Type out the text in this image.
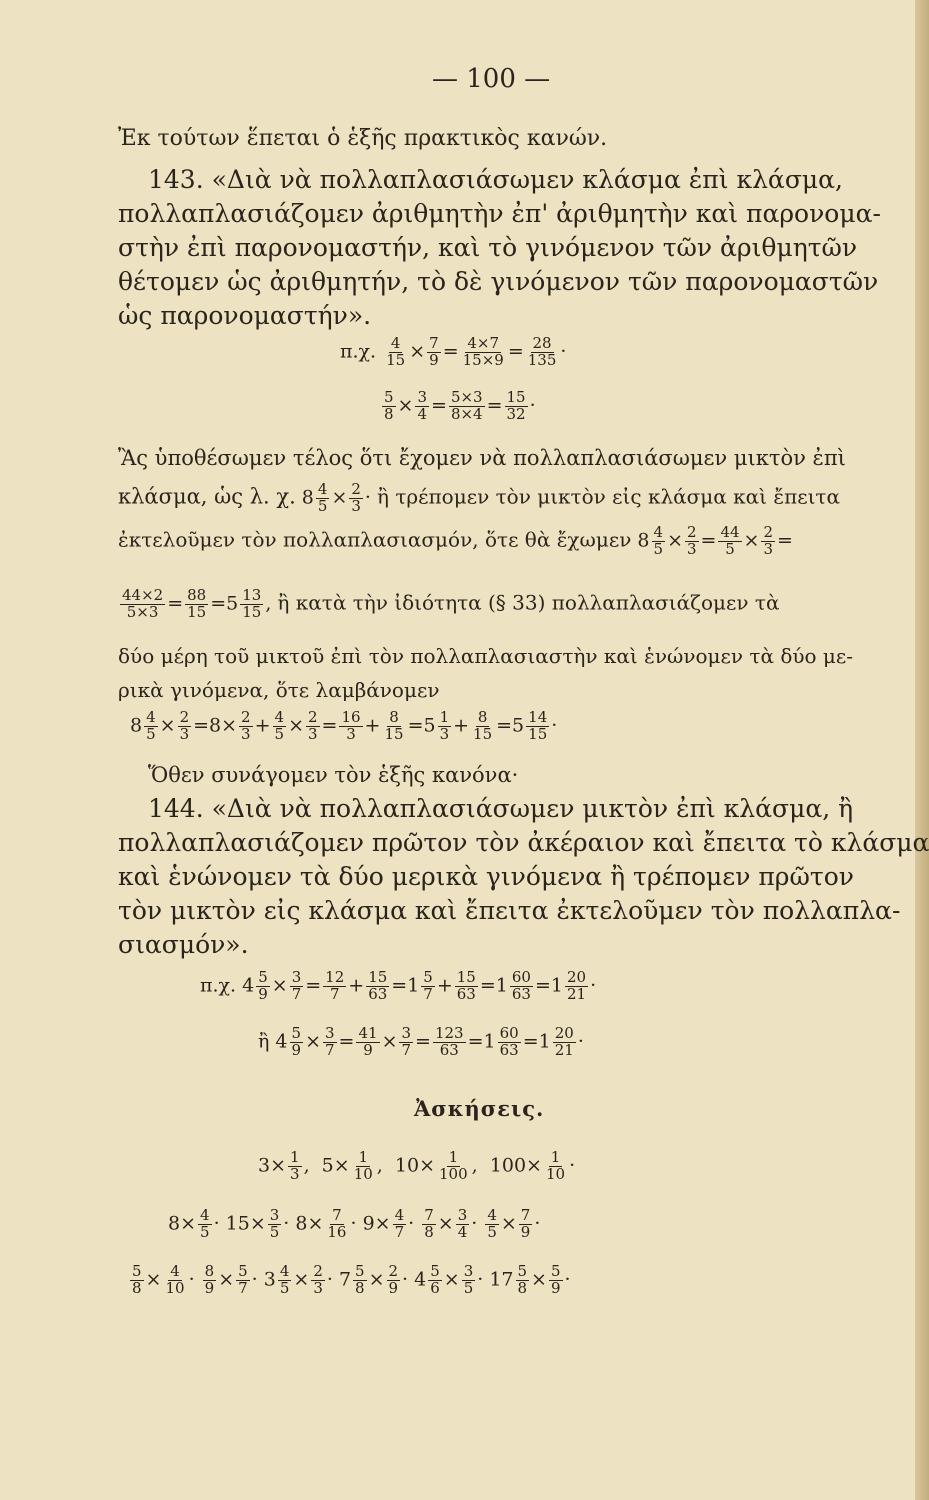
— 100 —
Ἐκ τούτων ἕπεται ὁ ἑξῆς πρακτικὸς κανών.
143. «Διὰ νὰ πολλαπλασιάσωμεν κλάσμα ἐπὶ κλάσμα,
πολλαπλασιάζομεν ἀριθμητὴν ἐπ' ἀριθμητὴν καὶ παρονομα-
στὴν ἐπὶ παρονομαστήν, καὶ τὸ γινόμενον τῶν ἀριθμητῶν
θέτομεν ὡς ἀριθμητήν, τὸ δὲ γινόμενον τῶν παρονομαστῶν
ὡς παρονομαστήν».
π.χ. $\frac{4}{15} \times \frac{7}{9} = \frac{4\times 7}{15\times 9} = \frac{28}{135}$ ·
$\frac{5}{8} \times \frac{3}{4} = \frac{5\times 3}{8\times 4} = \frac{15}{32}$ ·
Ἂς ὑποθέσωμεν τέλος ὅτι ἔχομεν νὰ πολλαπλασιάσωμεν μικτὸν ἐπὶ
κλάσμα, ὡς λ. χ. $8 \frac{4}{5} \times \frac{2}{3}$ · ἢ τρέπομεν τὸν μικτὸν εἰς κλάσμα καὶ ἔπειτα
ἐκτελοῦμεν τὸν πολλαπλασιασμόν, ὅτε θὰ ἔχωμεν $8 \frac{4}{5} \times \frac{2}{3} = \frac{44}{5} \times \frac{2}{3}$ =
$\frac{44\times 2}{5\times 3} = \frac{88}{15} =5 \frac{13}{15}$ , ἢ κατὰ τὴν ἰδιότητα (§ 33) πολλαπλασιάζομεν τὰ
δύο μέρη τοῦ μικτοῦ ἐπὶ τὸν πολλαπλασιαστὴν καὶ ἑνώνομεν τὰ δύο με-
ρικὰ γινόμενα, ὅτε λαμβάνομεν
$8 \frac{4}{5} \times \frac{2}{3} =8\times \frac{2}{3} + \frac{4}{5} \times \frac{2}{3} = \frac{16}{3} + \frac{8}{15} =5 \frac{1}{3} + \frac{8}{15} =5 \frac{14}{15}$ ·
Ὅθεν συνάγομεν τὸν ἑξῆς κανόνα·
144. «Διὰ νὰ πολλαπλασιάσωμεν μικτὸν ἐπὶ κλάσμα, ἢ
πολλαπλασιάζομεν πρῶτον τὸν ἀκέραιον καὶ ἔπειτα τὸ κλάσμα
καὶ ἑνώνομεν τὰ δύο μερικὰ γινόμενα ἢ τρέπομεν πρῶτον
τὸν μικτὸν εἰς κλάσμα καὶ ἔπειτα ἐκτελοῦμεν τὸν πολλαπλα-
σιασμόν».
π.χ. $4 \frac{5}{9} \times \frac{3}{7} = \frac{12}{7} + \frac{15}{63} =1 \frac{5}{7} + \frac{15}{63} =1 \frac{60}{63} =1 \frac{20}{21}$ ·
ἢ $4 \frac{5}{9} \times \frac{3}{7} = \frac{41}{9} \times \frac{3}{7} = \frac{123}{63} =1 \frac{60}{63} =1 \frac{20}{21}$ ·
Ἀσκήσεις.
$3\times \frac{1}{3}$ ,  $5\times \frac{1}{10}$ ,  $10\times \frac{1}{100}$ ,  $100\times \frac{1}{10}$ ·
$8\times \frac{4}{5} \cdot 15\times \frac{3}{5} \cdot 8\times \frac{7}{16} \cdot 9\times \frac{4}{7} \cdot \frac{7}{8} \times \frac{3}{4} \cdot \frac{4}{5} \times \frac{7}{9}$ ·
$\frac{5}{8} \times \frac{4}{10} \cdot \frac{8}{9} \times \frac{5}{7} \cdot 3 \frac{4}{5} \times \frac{2}{3} \cdot 7 \frac{5}{8} \times \frac{2}{9} \cdot 4 \frac{5}{6} \times \frac{3}{5} \cdot 17 \frac{5}{8} \times \frac{5}{9}$ ·
